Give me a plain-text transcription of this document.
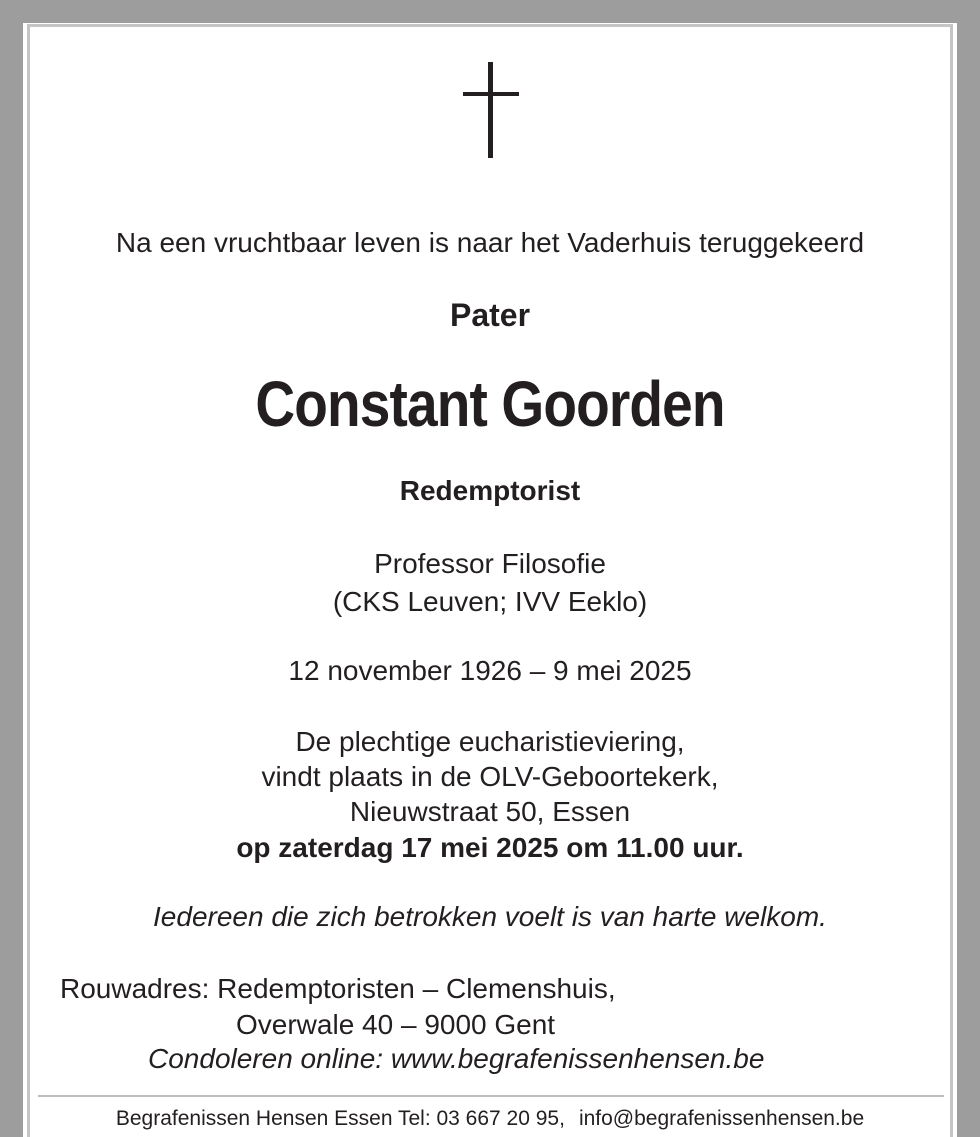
Na een vruchtbaar leven is naar het Vaderhuis teruggekeerd
Pater
Constant Goorden
Redemptorist
Professor Filosofie
(CKS Leuven; IVV Eeklo)
12 november 1926 – 9 mei 2025
De plechtige eucharistieviering,
vindt plaats in de OLV-Geboortekerk,
Nieuwstraat 50, Essen
op zaterdag 17 mei 2025 om 11.00 uur.
Iedereen die zich betrokken voelt is van harte welkom.
Rouwadres: Redemptoristen – Clemenshuis,
Overwale 40 – 9000 Gent
Condoleren online: www.begrafenissenhensen.be
Begrafenissen Hensen Essen Tel: 03 667 20 95, info@begrafenissenhensen.be
